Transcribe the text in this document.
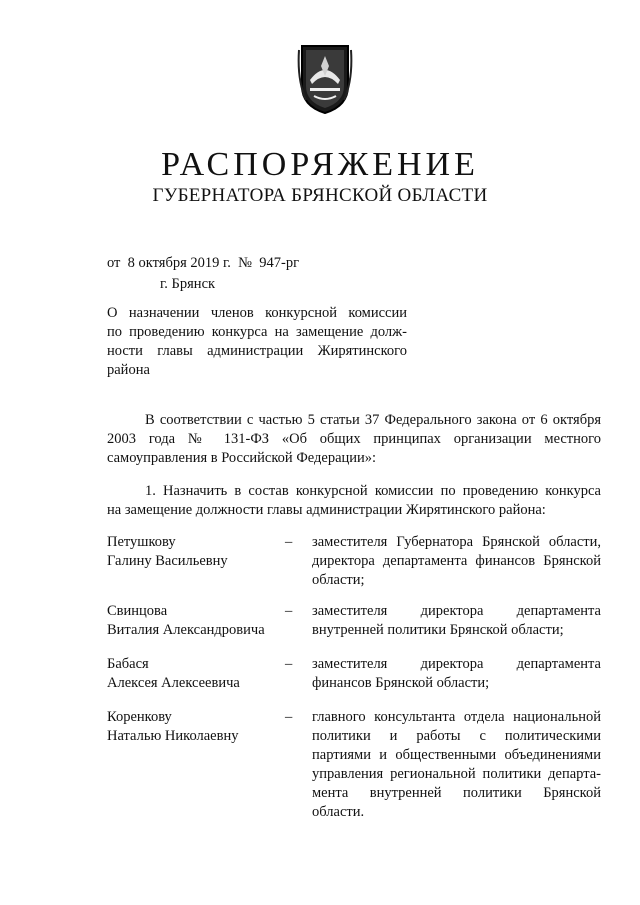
РАСПОРЯЖЕНИЕ
ГУБЕРНАТОРА БРЯНСКОЙ ОБЛАСТИ
от  8 октября 2019 г.  №  947-рг
г. Брянск
О назначении членов конкурсной комиссии
по проведению конкурса на замещение долж-
ности главы администрации Жирятинского
района
В соответствии с частью 5 статьи 37 Федерального закона от 6 октября
2003 года № 131-ФЗ «Об общих принципах организации местного
самоуправления в Российской Федерации»:
1. Назначить в состав конкурсной комиссии по проведению конкурса
на замещение должности главы администрации Жирятинского района:
Петушкову
Галину Васильевну
– заместителя Губернатора Брянской области,
директора департамента финансов Брянской
области;
Свинцова
Виталия Александровича
– заместителя директора департамента
внутренней политики Брянской области;
Бабася
Алексея Алексеевича
– заместителя директора департамента
финансов Брянской области;
Коренкову
Наталью Николаевну
– главного консультанта отдела национальной
политики и работы с политическими
партиями и общественными объединениями
управления региональной политики департа-
мента внутренней политики Брянской
области.
